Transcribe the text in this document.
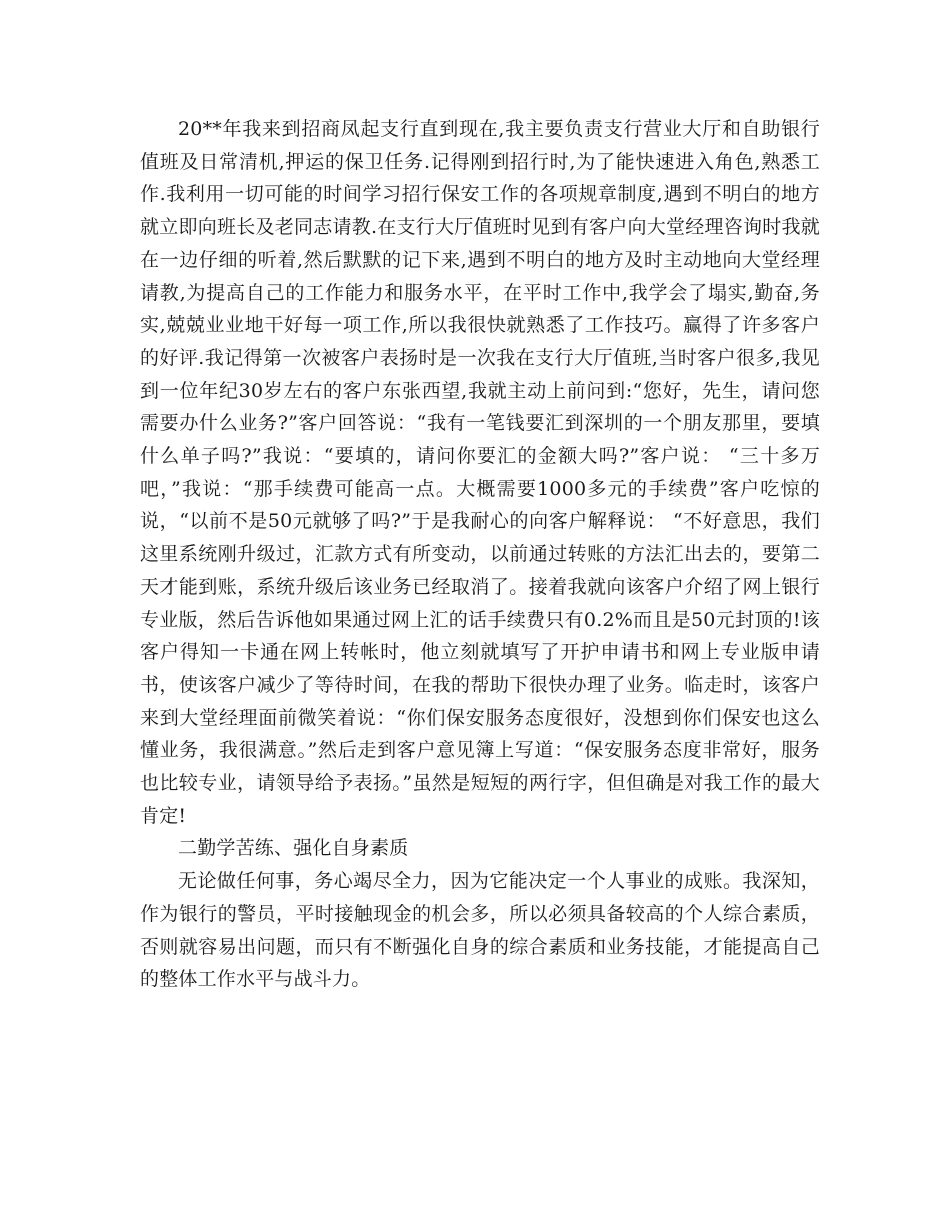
20**年我来到招商凤起支行直到现在,我主要负责支行营业大厅和自助银行值班及日常清机,押运的保卫任务.记得刚到招行时,为了能快速进入角色,熟悉工作.我利用一切可能的时间学习招行保安工作的各项规章制度,遇到不明白的地方就立即向班长及老同志请教.在支行大厅值班时见到有客户向大堂经理咨询时我就在一边仔细的听着,然后默默的记下来,遇到不明白的地方及时主动地向大堂经理请教,为提高自己的工作能力和服务水平，在平时工作中,我学会了塌实,勤奋,务实,兢兢业业地干好每一项工作,所以我很快就熟悉了工作技巧。赢得了许多客户的好评.我记得第一次被客户表扬时是一次我在支行大厅值班,当时客户很多,我见到一位年纪30岁左右的客户东张西望,我就主动上前问到:“您好，先生，请问您需要办什么业务?”客户回答说：“我有一笔钱要汇到深圳的一个朋友那里，要填什么单子吗?”我说：“要填的，请问你要汇的金额大吗?”客户说： “三十多万吧，”我说：“那手续费可能高一点。大概需要1000多元的手续费”客户吃惊的说，“以前不是50元就够了吗?”于是我耐心的向客户解释说： “不好意思，我们这里系统刚升级过，汇款方式有所变动，以前通过转账的方法汇出去的，要第二天才能到账，系统升级后该业务已经取消了。接着我就向该客户介绍了网上银行专业版，然后告诉他如果通过网上汇的话手续费只有0.2%而且是50元封顶的!该客户得知一卡通在网上转帐时，他立刻就填写了开护申请书和网上专业版申请书，使该客户减少了等待时间，在我的帮助下很快办理了业务。临走时，该客户来到大堂经理面前微笑着说：“你们保安服务态度很好，没想到你们保安也这么懂业务，我很满意。”然后走到客户意见簿上写道：“保安服务态度非常好，服务也比较专业，请领导给予表扬。”虽然是短短的两行字，但但确是对我工作的最大肯定!

二勤学苦练、强化自身素质

无论做任何事，务心竭尽全力，因为它能决定一个人事业的成账。我深知，作为银行的警员，平时接触现金的机会多，所以必须具备较高的个人综合素质，否则就容易出问题，而只有不断强化自身的综合素质和业务技能，才能提高自己的整体工作水平与战斗力。
